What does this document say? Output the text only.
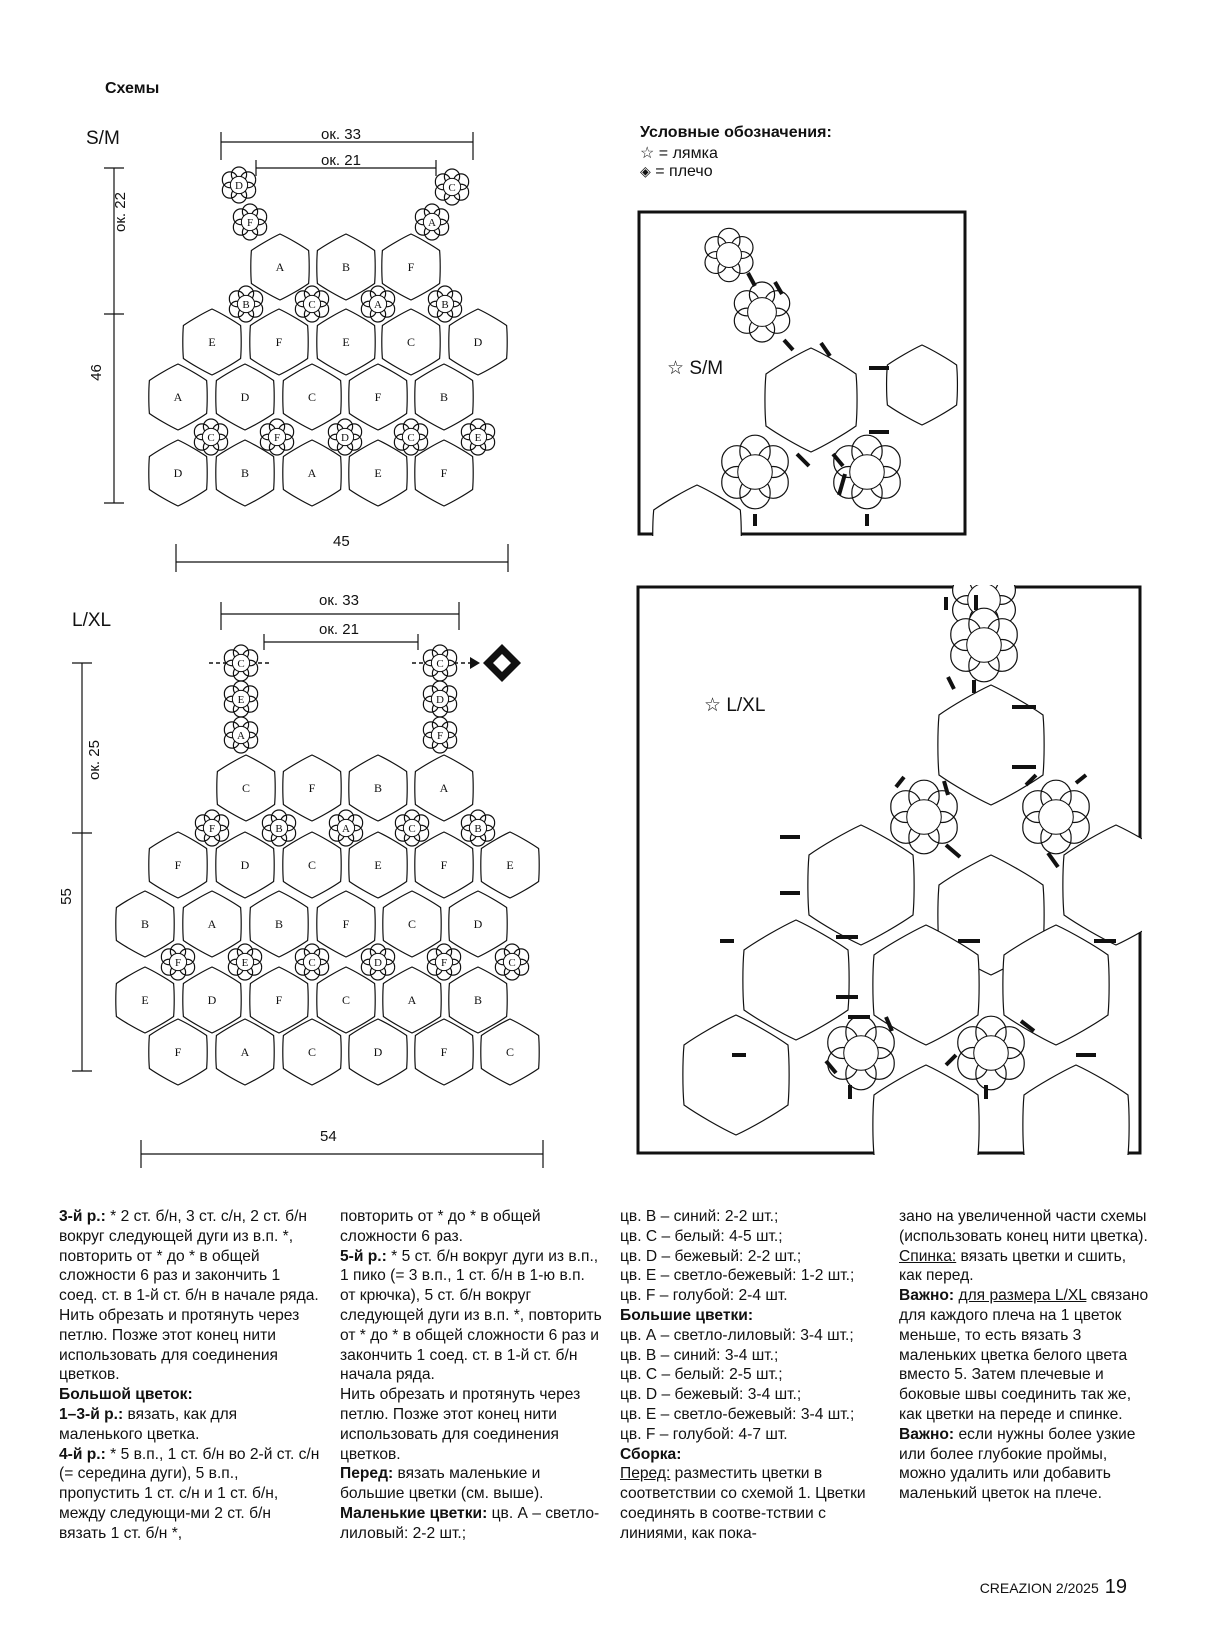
Схемы
S/M
D
F
C
A
A	B	F
B	C	A	B
E	F	E	C	D
A	D	C	F	B
C	F	D	C	E
D	B	A	E	F
ок. 33
ок. 21
46
ок. 22
45
L/XL
C
E
A
C
D
F
C	F	B	A
F	B	A	C	B
F	D	C	E	F	E
B	A	B	F	C	D
F	E	C	D	F	C
E	D	F	C	A	B
F	A	C	D	F	C
ок. 33
ок. 21
55
ок. 25
54
Условные обозначения:
☆ = лямка
◈ = плечо
☆ S/M
☆ L/XL

3-й р.: * 2 ст. б/н, 3 ст. с/н, 2 ст. б/н вокруг следующей дуги из в.п. *, повторить от * до * в общей сложности 6 раз и закончить 1 соед. ст. в 1-й ст. б/н в начале ряда.

Нить обрезать и протянуть через петлю. Позже этот конец нити использовать для соединения цветков.

Большой цветок:

1–3-й р.: вязать, как для маленького цветка.

4-й р.: * 5 в.п., 1 ст. б/н во 2-й ст. с/н (= середина дуги), 5 в.п., пропустить 1 ст. с/н и 1 ст. б/н, между следующи-ми 2 ст. б/н вязать 1 ст. б/н *,

повторить от * до * в общей сложности 6 раз.

5-й р.: * 5 ст. б/н вокруг дуги из в.п., 1 пико (= 3 в.п., 1 ст. б/н в 1-ю в.п. от крючка), 5 ст. б/н вокруг следующей дуги из в.п. *, повторить от * до * в общей сложности 6 раз и закончить 1 соед. ст. в 1-й ст. б/н начала ряда.

Нить обрезать и протянуть через петлю. Позже этот конец нити использовать для соединения цветков.

Перед: вязать маленькие и большие цветки (см. выше).

Маленькие цветки: цв. А – светло-лиловый: 2-2 шт.;

цв. В – синий: 2-2 шт.;

цв. С – белый: 4-5 шт.;

цв. D – бежевый: 2-2 шт.;

цв. Е – светло-бежевый: 1-2 шт.;

цв. F – голубой: 2-4 шт.

Большие цветки:

цв. А – светло-лиловый: 3-4 шт.;

цв. В – синий: 3-4 шт.;

цв. С – белый: 2-5 шт.;

цв. D – бежевый: 3-4 шт.;

цв. Е – светло-бежевый: 3-4 шт.;

цв. F – голубой: 4-7 шт.

Сборка:

Перед: разместить цветки в соответствии со схемой 1. Цветки соединять в соотве-тствии с линиями, как пока-

зано на увеличенной части схемы (использовать конец нити цветка).

Спинка: вязать цветки и сшить, как перед.

Важно: для размера L/XL связано для каждого плеча на 1 цветок меньше, то есть вязать 3 маленьких цветка белого цвета вместо 5. Затем плечевые и боковые швы соединить так же, как цветки на переде и спинке.

Важно: если нужны более узкие или более глубокие проймы, можно удалить или добавить маленький цветок на плече.

CREAZION 2/2025 19
